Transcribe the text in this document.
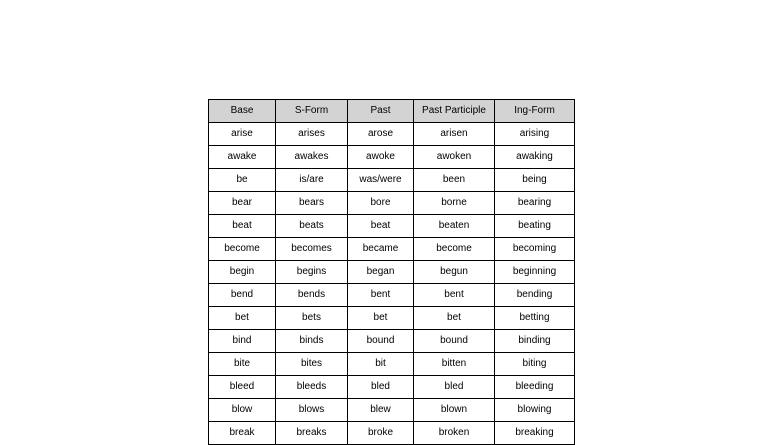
Base	S-Form	Past	Past Participle	Ing-Form
arise	arises	arose	arisen	arising
awake	awakes	awoke	awoken	awaking
be	is/are	was/were	been	being
bear	bears	bore	borne	bearing
beat	beats	beat	beaten	beating
become	becomes	became	become	becoming
begin	begins	began	begun	beginning
bend	bends	bent	bent	bending
bet	bets	bet	bet	betting
bind	binds	bound	bound	binding
bite	bites	bit	bitten	biting
bleed	bleeds	bled	bled	bleeding
blow	blows	blew	blown	blowing
break	breaks	broke	broken	breaking
